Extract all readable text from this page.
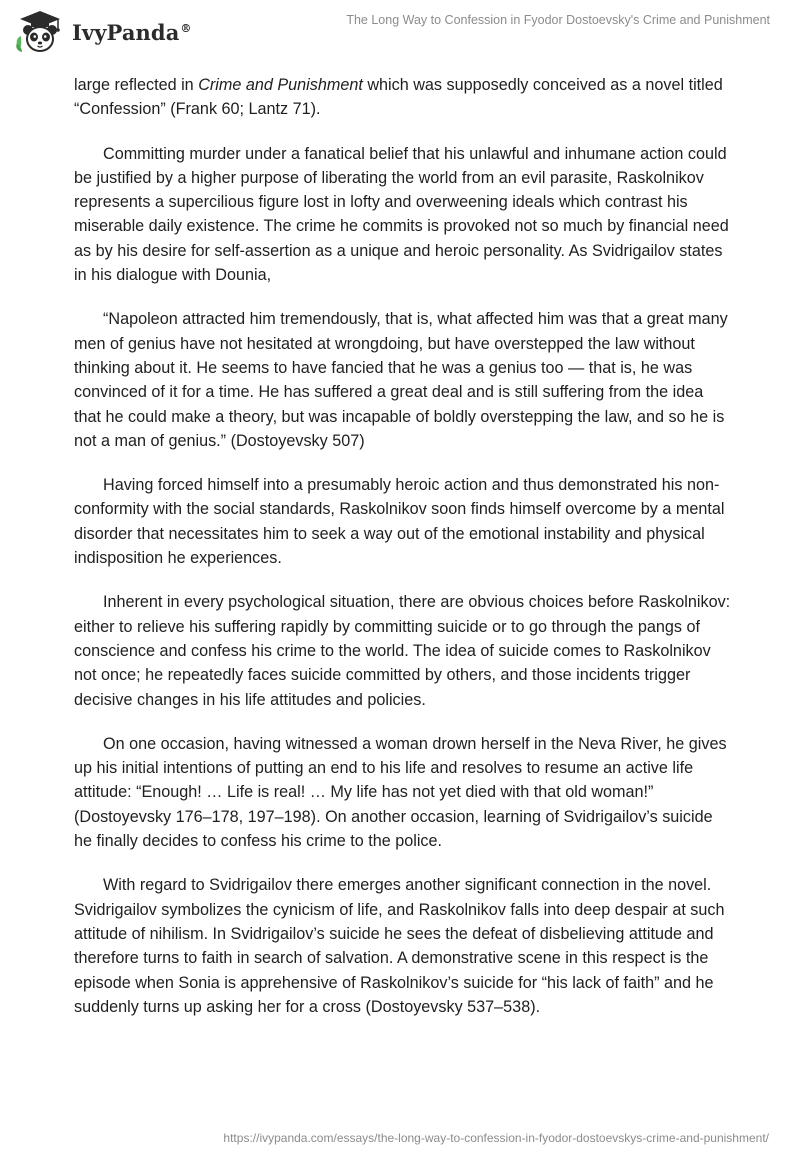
IvyPanda®
The Long Way to Confession in Fyodor Dostoevsky's Crime and Punishment

large reflected in Crime and Punishment which was supposedly conceived as a novel titled “Confession” (Frank 60; Lantz 71).

Committing murder under a fanatical belief that his unlawful and inhumane action could be justified by a higher purpose of liberating the world from an evil parasite, Raskolnikov represents a supercilious figure lost in lofty and overweening ideals which contrast his miserable daily existence. The crime he commits is provoked not so much by financial need as by his desire for self-assertion as a unique and heroic personality. As Svidrigailov states in his dialogue with Dounia,

“Napoleon attracted him tremendously, that is, what affected him was that a great many men of genius have not hesitated at wrongdoing, but have overstepped the law without thinking about it. He seems to have fancied that he was a genius too — that is, he was convinced of it for a time. He has suffered a great deal and is still suffering from the idea that he could make a theory, but was incapable of boldly overstepping the law, and so he is not a man of genius.” (Dostoyevsky 507)

Having forced himself into a presumably heroic action and thus demonstrated his non-conformity with the social standards, Raskolnikov soon finds himself overcome by a mental disorder that necessitates him to seek a way out of the emotional instability and physical indisposition he experiences.

Inherent in every psychological situation, there are obvious choices before Raskolnikov: either to relieve his suffering rapidly by committing suicide or to go through the pangs of conscience and confess his crime to the world. The idea of suicide comes to Raskolnikov not once; he repeatedly faces suicide committed by others, and those incidents trigger decisive changes in his life attitudes and policies.

On one occasion, having witnessed a woman drown herself in the Neva River, he gives up his initial intentions of putting an end to his life and resolves to resume an active life attitude: “Enough! … Life is real! … My life has not yet died with that old woman!” (Dostoyevsky 176–178, 197–198). On another occasion, learning of Svidrigailov’s suicide he finally decides to confess his crime to the police.

With regard to Svidrigailov there emerges another significant connection in the novel. Svidrigailov symbolizes the cynicism of life, and Raskolnikov falls into deep despair at such attitude of nihilism. In Svidrigailov’s suicide he sees the defeat of disbelieving attitude and therefore turns to faith in search of salvation. A demonstrative scene in this respect is the episode when Sonia is apprehensive of Raskolnikov’s suicide for “his lack of faith” and he suddenly turns up asking her for a cross (Dostoyevsky 537–538).

https://ivypanda.com/essays/the-long-way-to-confession-in-fyodor-dostoevskys-crime-and-punishment/
